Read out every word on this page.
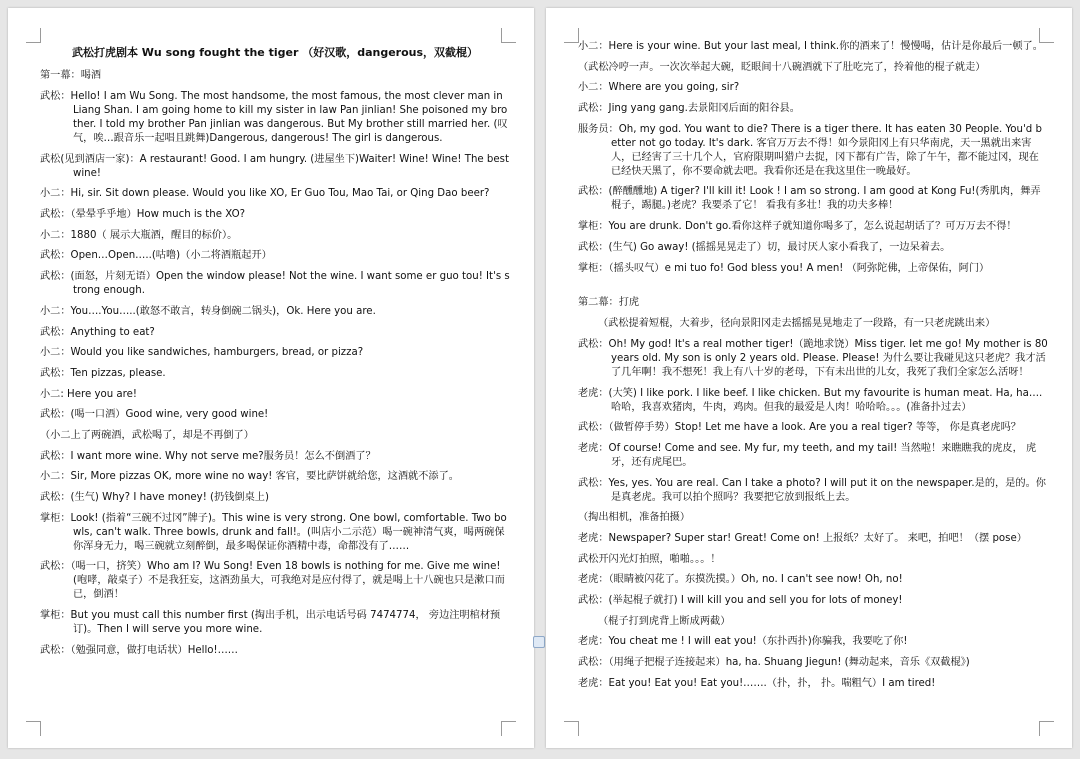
武松打虎剧本 Wu song fought the tiger （好汉歌，dangerous，双截棍）
第一幕：喝酒
武松：Hello! I am Wu Song. The most handsome, the most famous, the most clever man in Liang Shan. I am going home to kill my sister in law Pan jinlian! She poisoned my brother. I told my brother Pan jinlian was dangerous. But My brother still married her. (叹气，唉…跟音乐一起唱且跳舞)Dangerous, dangerous! The girl is dangerous.
武松(见到酒店一家)：A restaurant! Good. I am hungry. (进屋坐下)Waiter! Wine! Wine! The best wine!
小二：Hi, sir. Sit down please. Would you like XO, Er Guo Tou, Mao Tai, or Qing Dao beer?
武松：（晕晕乎乎地）How much is the XO?
小二：1880（ 展示大瓶酒，醒目的标价）。
武松：Open…Open…..(咕噜)（小二将酒瓶起开）
武松：(面怒，片刻无语）Open the window please! Not the wine. I want some er guo tou! It's strong enough.
小二：You….You…..(敢怒不敢言，转身倒碗二锅头)，Ok. Here you are.
武松：Anything to eat?
小二：Would you like sandwiches, hamburgers, bread, or pizza?
武松：Ten pizzas, please.
小二: Here you are!
武松：(喝一口酒）Good wine, very good wine!
（小二上了两碗酒，武松喝了，却是不再倒了）
武松：I want more wine. Why not serve me?服务员！怎么不倒酒了？
小二：Sir, More pizzas OK, more wine no way! 客官，要比萨饼就给您，这酒就不添了。
武松：(生气) Why? I have money! (扔钱倒桌上)
掌柜：Look! (指着“三碗不过冈”牌子)。This wine is very strong. One bowl, comfortable. Two bowls, can't walk. Three bowls, drunk and fall!。(叫店小二示范）喝一碗神清气爽，喝两碗保你浑身无力，喝三碗就立刻醉倒，最多喝保证你酒精中毒，命都没有了……
武松：（喝一口，挤笑）Who am I? Wu Song! Even 18 bowls is nothing for me. Give me wine!(咆哮，敲桌子）不是我狂妄，这酒劲虽大，可我绝对是应付得了，就是喝上十八碗也只是漱口而已，倒酒！
掌柜：But you must call this number first (掏出手机，出示电话号码 7474774， 旁边注明棺材预订)。Then I will serve you more wine.
武松：（勉强同意，做打电话状）Hello!……
小二：Here is your wine. But your last meal, I think.你的酒来了！慢慢喝，估计是你最后一顿了。
（武松冷哼一声。一次次举起大碗，眨眼间十八碗酒就下了肚吃完了，拎着他的棍子就走）
小二：Where are you going, sir?
武松：Jing yang gang.去景阳冈后面的阳谷县。
服务员：Oh, my god. You want to die? There is a tiger there. It has eaten 30 People. You'd better not go today. It's dark. 客官万万去不得！如今景阳冈上有只华南虎，天一黑就出来害人，已经害了三十几个人，官府限期叫猎户去捉，冈下都有广告，除了午午，都不能过冈，现在已经快天黑了，你不要命就去吧。我看你还是在我这里住一晚最好。
武松：(醉醺醺地) A tiger? I'll kill it! Look ! I am so strong. I am good at Kong Fu!(秀肌肉，舞弄棍子，踢腿。)老虎？我要杀了它！ 看我有多壮！我的功夫多棒！
掌柜：You are drunk. Don't go.看你这样子就知道你喝多了，怎么说起胡话了？可万万去不得！
武松：(生气) Go away! (摇摇晃晃走了）切，最讨厌人家小看我了，一边呆着去。
掌柜：（摇头叹气）e mi tuo fo! God bless you! A men! （阿弥陀佛，上帝保佑，阿门）
第二幕：打虎
（武松提着短棍，大着步，径向景阳冈走去摇摇晃晃地走了一段路，有一只老虎跳出来）
武松：Oh! My god! It's a real mother tiger!（跪地求饶）Miss tiger. let me go! My mother is 80 years old. My son is only 2 years old. Please. Please! 为什么要让我碰见这只老虎？我才活了几年啊！我不想死！我上有八十岁的老母，下有未出世的儿女，我死了我们全家怎么活呀！
老虎：(大笑) I like pork. I like beef. I like chicken. But my favourite is human meat. Ha, ha….哈哈，我喜欢猪肉，牛肉，鸡肉。但我的最爱是人肉！哈哈哈。。。(准备扑过去）
武松：（做暂停手势）Stop! Let me have a look. Are you a real tiger? 等等， 你是真老虎吗？
老虎：Of course! Come and see. My fur, my teeth, and my tail! 当然啦！来瞧瞧我的虎皮， 虎牙，还有虎尾巴。
武松：Yes, yes. You are real. Can I take a photo? I will put it on the newspaper.是的，是的。你是真老虎。我可以拍个照吗？我要把它放到报纸上去。
（掏出相机，准备拍摄）
老虎：Newspaper? Super star! Great! Come on! 上报纸？太好了。 来吧，拍吧！（摆 pose）
武松开闪光灯拍照，啪啪。。。！
老虎：（眼睛被闪花了。东摸洗摸。）Oh, no. I can't see now! Oh, no!
武松：(举起棍子就打) I will kill you and sell you for lots of money!
（棍子打到虎背上断成两截）
老虎：You cheat me ! I will eat you!（东扑西扑)你骗我，我要吃了你!
武松：（用绳子把棍子连接起来）ha, ha. Shuang Jiegun! (舞动起来，音乐《双截棍》)
老虎：Eat you! Eat you! Eat you!…….（扑，扑， 扑。喘粗气）I am tired!
